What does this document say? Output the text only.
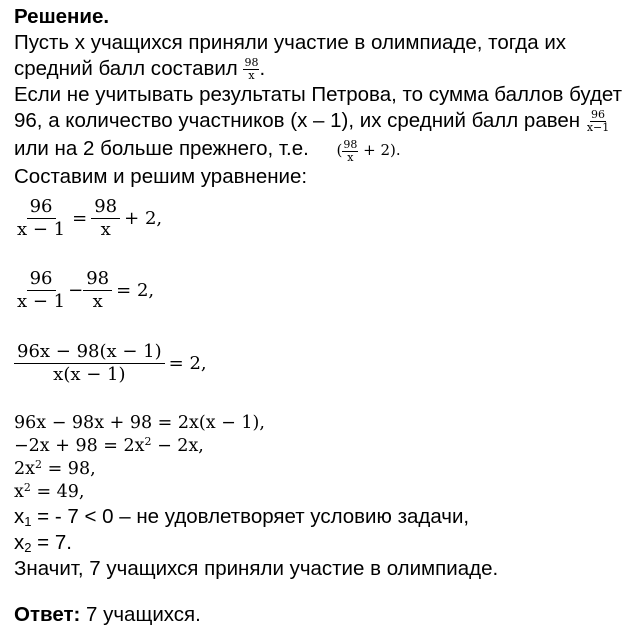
Решение.
Пусть х учащихся приняли участие в олимпиаде, тогда их
средний балл составил $\frac{98}{x}$ .
Если не учитывать результаты Петрова, то сумма баллов будет
96, а количество участников (х – 1), их средний балл равен $\frac{96}{x-1}$
или на 2 больше прежнего, т.е. ( $\frac{98}{x} + 2$).
Составим и решим уравнение:
$\frac{96}{x - 1} = \frac{98}{x} + 2$,
$\frac{96}{x - 1} - \frac{98}{x} = 2$,
$\frac{96x - 98(x - 1)}{x(x - 1)} = 2$,
96x − 98x + 98 = 2x(x − 1),
$-2x + 98 = 2x^2 - 2x$,
$2x^2 = 98$,
$x^2 = 49$,
$x_1$ = - 7 < 0 – не удовлетворяет условию задачи,
$x_2 = 7$.
Значит, 7 учащихся приняли участие в олимпиаде.
Ответ: 7 учащихся.
